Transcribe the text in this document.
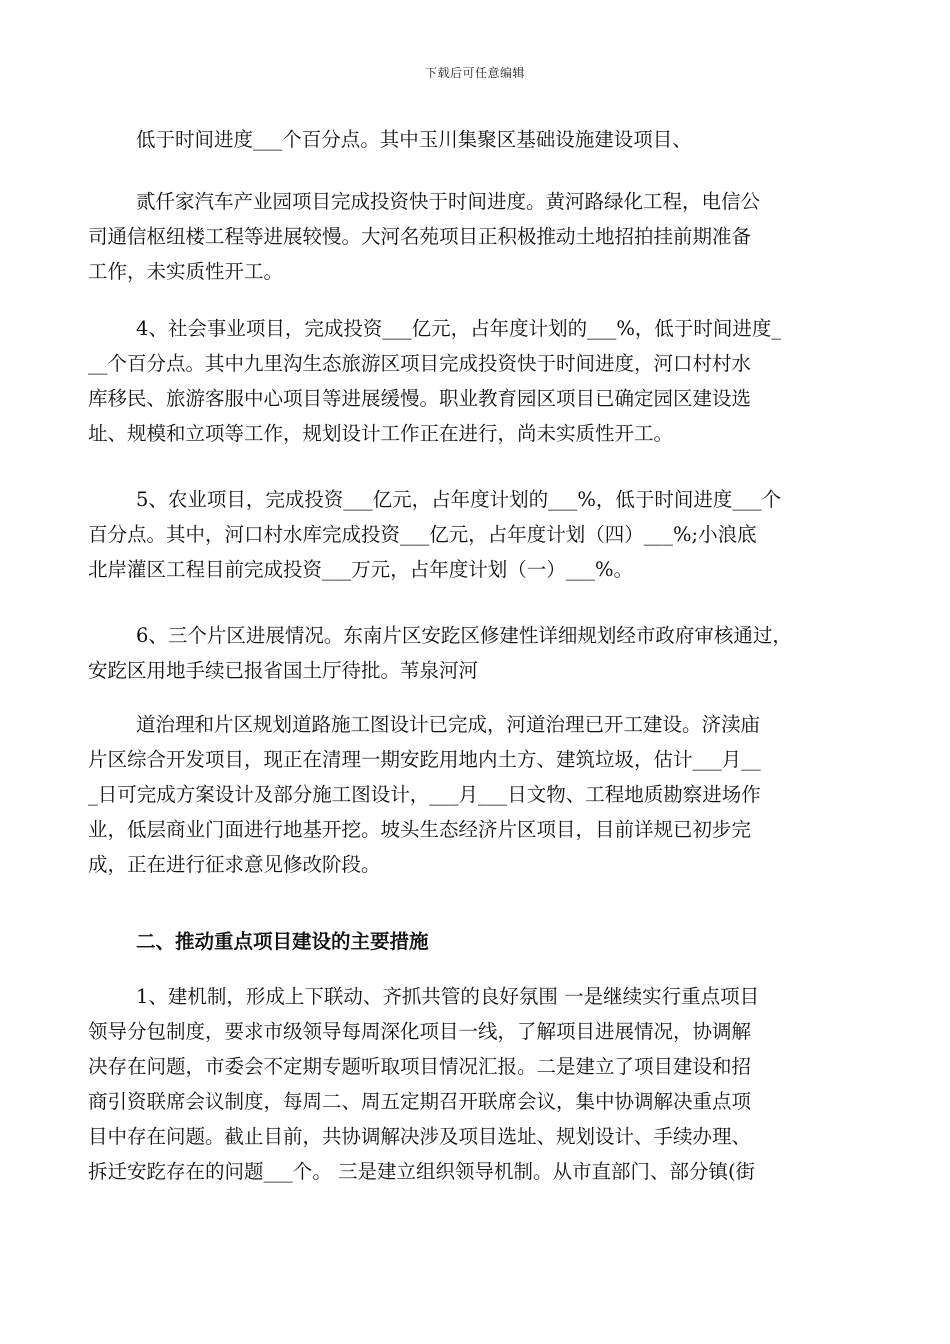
下载后可任意编辑
低于时间进度___个百分点。其中玉川集聚区基础设施建设项目、
贰仟家汽车产业园项目完成投资快于时间进度。黄河路绿化工程，电信公
司通信枢纽楼工程等进展较慢。大河名苑项目正积极推动土地招拍挂前期准备
工作，未实质性开工。
4、社会事业项目，完成投资___亿元，占年度计划的___%，低于时间进度_
__个百分点。其中九里沟生态旅游区项目完成投资快于时间进度，河口村村水
库移民、旅游客服中心项目等进展缓慢。职业教育园区项目已确定园区建设选
址、规模和立项等工作，规划设计工作正在进行，尚未实质性开工。
5、农业项目，完成投资___亿元，占年度计划的___%，低于时间进度___个
百分点。其中，河口村水库完成投资___亿元，占年度计划（四）___%;小浪底
北岸灌区工程目前完成投资___万元，占年度计划（一）___%。
6、三个片区进展情况。东南片区安趷区修建性详细规划经市政府审核通过，
安趷区用地手续已报省国土厅待批。苇泉河河
道治理和片区规划道路施工图设计已完成，河道治理已开工建设。济渎庙
片区综合开发项目，现正在清理一期安趷用地内土方、建筑垃圾，估计___月__
_日可完成方案设计及部分施工图设计，___月___日文物、工程地质勘察进场作
业，低层商业门面进行地基开挖。坡头生态经济片区项目，目前详规已初步完
成，正在进行征求意见修改阶段。
二、推动重点项目建设的主要措施
1、建机制，形成上下联动、齐抓共管的良好氛围 一是继续实行重点项目
领导分包制度，要求市级领导每周深化项目一线，了解项目进展情况，协调解
决存在问题，市委会不定期专题听取项目情况汇报。二是建立了项目建设和招
商引资联席会议制度，每周二、周五定期召开联席会议，集中协调解决重点项
目中存在问题。截止目前，共协调解决涉及项目选址、规划设计、手续办理、
拆迁安趷存在的问题___个。 三是建立组织领导机制。从市直部门、部分镇(街
